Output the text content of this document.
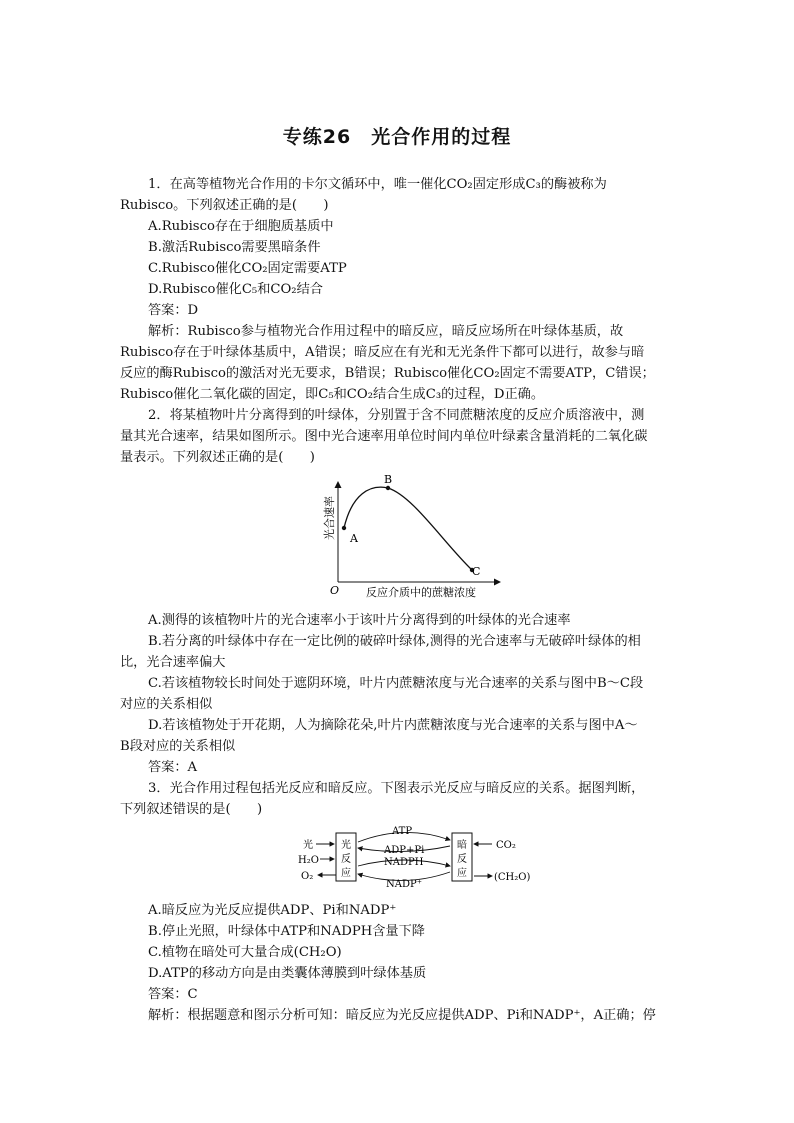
专练26　光合作用的过程
1．在高等植物光合作用的卡尔文循环中，唯一催化CO₂固定形成C₃的酶被称为
Rubisco。下列叙述正确的是(　　)
A.Rubisco存在于细胞质基质中
B.激活Rubisco需要黑暗条件
C.Rubisco催化CO₂固定需要ATP
D.Rubisco催化C₅和CO₂结合
答案：D
解析：Rubisco参与植物光合作用过程中的暗反应，暗反应场所在叶绿体基质，故
Rubisco存在于叶绿体基质中，A错误；暗反应在有光和无光条件下都可以进行，故参与暗
反应的酶Rubisco的激活对光无要求，B错误；Rubisco催化CO₂固定不需要ATP，C错误；
Rubisco催化二氧化碳的固定，即C₅和CO₂结合生成C₃的过程，D正确。
2．将某植物叶片分离得到的叶绿体，分别置于含不同蔗糖浓度的反应介质溶液中，测
量其光合速率，结果如图所示。图中光合速率用单位时间内单位叶绿素含量消耗的二氧化碳
量表示。下列叙述正确的是(　　)
A
B
C
O
光合速率
反应介质中的蔗糖浓度
A.测得的该植物叶片的光合速率小于该叶片分离得到的叶绿体的光合速率
B.若分离的叶绿体中存在一定比例的破碎叶绿体,测得的光合速率与无破碎叶绿体的相
比，光合速率偏大
C.若该植物较长时间处于遮阴环境，叶片内蔗糖浓度与光合速率的关系与图中B～C段
对应的关系相似
D.若该植物处于开花期，人为摘除花朵,叶片内蔗糖浓度与光合速率的关系与图中A～
B段对应的关系相似
答案：A
3．光合作用过程包括光反应和暗反应。下图表示光反应与暗反应的关系。据图判断，
下列叙述错误的是(　　)
光
H₂O
O₂
光
反
应
暗
反
应
ATP
ADP+Pi
NADPH
NADP⁺
CO₂
(CH₂O)
A.暗反应为光反应提供ADP、Pi和NADP⁺
B.停止光照，叶绿体中ATP和NADPH含量下降
C.植物在暗处可大量合成(CH₂O)
D.ATP的移动方向是由类囊体薄膜到叶绿体基质
答案：C
解析：根据题意和图示分析可知：暗反应为光反应提供ADP、Pi和NADP⁺，A正确；停
